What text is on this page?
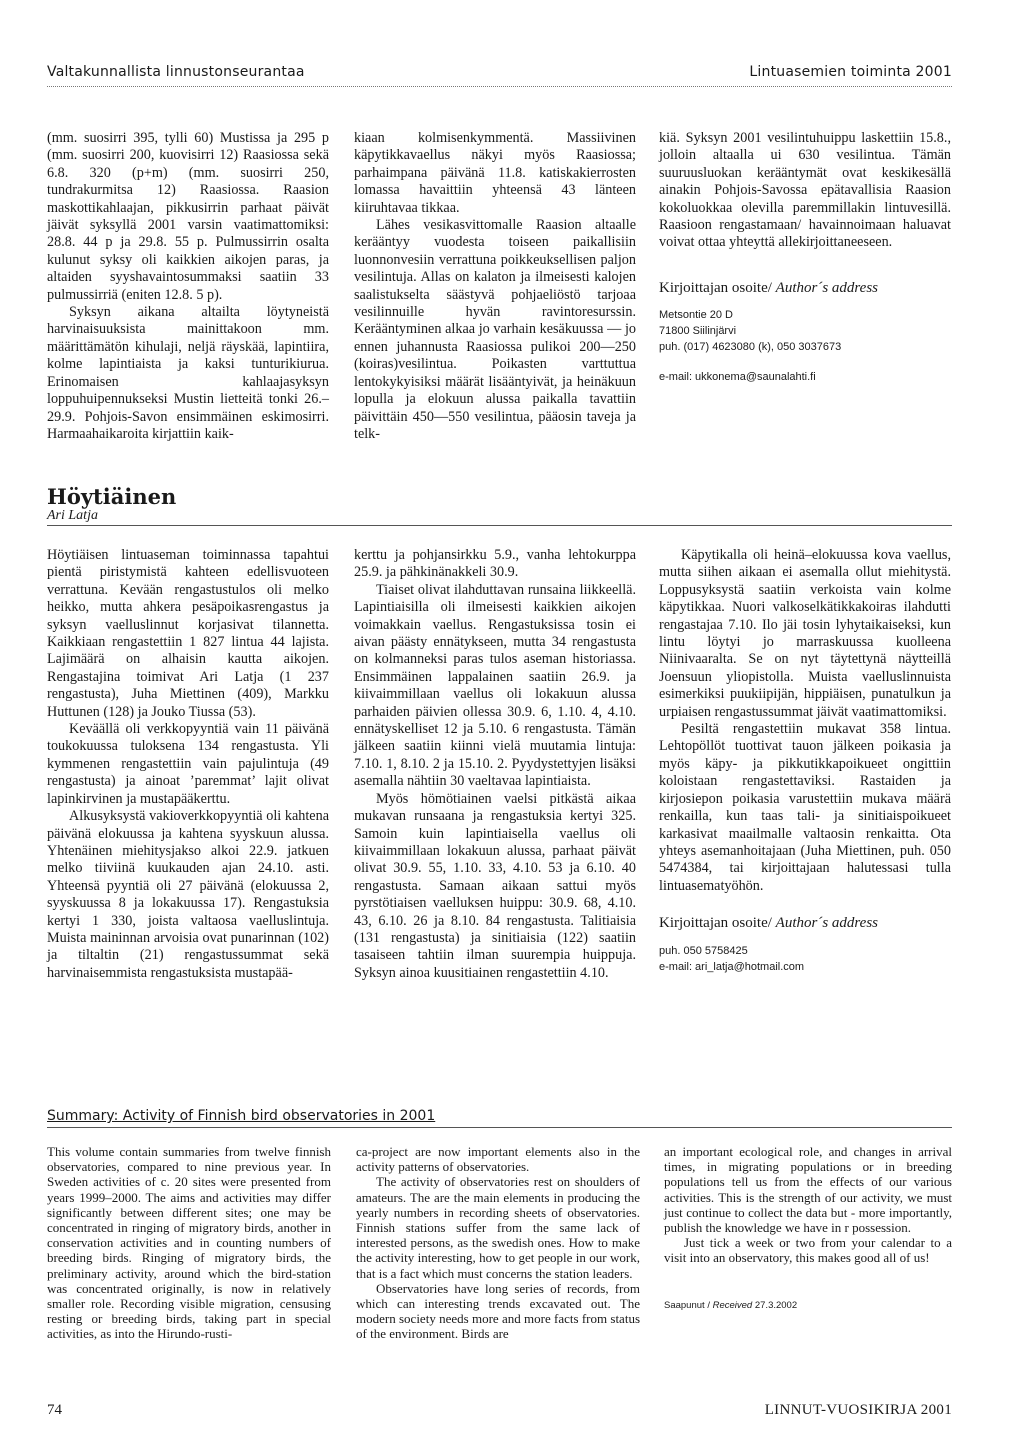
Valtakunnallista linnustonseurantaa	Lintuasemien toiminta 2001

(mm. suosirri 395, tylli 60) Mustissa ja 295 p (mm. suosirri 200, kuovisirri 12) Raasiossa sekä 6.8. 320 (p+m) (mm. suosirri 250, tundrakurmitsa 12) Raasiossa. Raasion maskottikahlaajan, pikkusirrin parhaat päivät jäivät syksyllä 2001 varsin vaatimattomiksi: 28.8. 44 p ja 29.8. 55 p. Pulmussirrin osalta kulunut syksy oli kaikkien aikojen paras, ja altaiden syyshavaintosummaksi saatiin 33 pulmussirriä (eniten 12.8. 5 p).

Syksyn aikana altailta löytyneistä harvinaisuuksista mainittakoon mm. määrittämätön kihulaji, neljä räyskää, lapintiira, kolme lapintiaista ja kaksi tunturikiurua. Erinomaisen kahlaajasyksyn loppuhuipennukseksi Mustin lietteitä tonki 26.–29.9. Pohjois-Savon ensimmäinen eskimosirri. Harmaahaikaroita kirjattiin kaik-

kiaan kolmisenkymmentä. Massiivinen käpytikkavaellus näkyi myös Raasiossa; parhaimpana päivänä 11.8. katiskakierrosten lomassa havaittiin yhteensä 43 länteen kiiruhtavaa tikkaa.

Lähes vesikasvittomalle Raasion altaalle kerääntyy vuodesta toiseen paikallisiin luonnonvesiin verrattuna poikkeuksellisen paljon vesilintuja. Allas on kalaton ja ilmeisesti kalojen saalistukselta säästyvä pohjaeliöstö tarjoaa vesilinnuille hyvän ravintoresurssin. Kerääntyminen alkaa jo varhain kesäkuussa — jo ennen juhannusta Raasiossa pulikoi 200—250 (koiras)vesilintua. Poikasten varttuttua lentokykyisiksi määrät lisääntyivät, ja heinäkuun lopulla ja elokuun alussa paikalla tavattiin päivittäin 450—550 vesilintua, pääosin taveja ja telk-

kiä. Syksyn 2001 vesilintuhuippu laskettiin 15.8., jolloin altaalla ui 630 vesilintua. Tämän suuruusluokan kerääntymät ovat keskikesällä ainakin Pohjois-Savossa epätavallisia Raasion kokoluokkaa olevilla paremmillakin lintuvesillä. Raasioon rengastamaan/ havainnoimaan haluavat voivat ottaa yhteyttä allekirjoittaneeseen.

Kirjoittajan osoite/ Author´s address
Metsontie 20 D
71800 Siilinjärvi
puh. (017) 4623080 (k), 050 3037673
e-mail: ukkonema@saunalahti.fi
Höytiäinen
Ari Latja

Höytiäisen lintuaseman toiminnassa tapahtui pientä piristymistä kahteen edellisvuoteen verrattuna. Kevään rengastustulos oli melko heikko, mutta ahkera pesäpoikasrengastus ja syksyn vaelluslinnut korjasivat tilannetta. Kaikkiaan rengastettiin 1 827 lintua 44 lajista. Lajimäärä on alhaisin kautta aikojen. Rengastajina toimivat Ari Latja (1 237 rengastusta), Juha Miettinen (409), Markku Huttunen (128) ja Jouko Tiussa (53).

Keväällä oli verkkopyyntiä vain 11 päivänä toukokuussa tuloksena 134 rengastusta. Yli kymmenen rengastettiin vain pajulintuja (49 rengastusta) ja ainoat ’paremmat’ lajit olivat lapinkirvinen ja mustapääkerttu.

Alkusyksystä vakioverkkopyyntiä oli kahtena päivänä elokuussa ja kahtena syyskuun alussa. Yhtenäinen miehitysjakso alkoi 22.9. jatkuen melko tiiviinä kuukauden ajan 24.10. asti. Yhteensä pyyntiä oli 27 päivänä (elokuussa 2, syyskuussa 8 ja lokakuussa 17). Rengastuksia kertyi 1 330, joista valtaosa vaelluslintuja. Muista maininnan arvoisia ovat punarinnan (102) ja tiltaltin (21) rengastussummat sekä harvinaisemmista rengastuksista mustapää-

kerttu ja pohjansirkku 5.9., vanha lehtokurppa 25.9. ja pähkinänakkeli 30.9.

Tiaiset olivat ilahduttavan runsaina liikkeellä. Lapintiaisilla oli ilmeisesti kaikkien aikojen voimakkain vaellus. Rengastuksissa tosin ei aivan päästy ennätykseen, mutta 34 rengastusta on kolmanneksi paras tulos aseman historiassa. Ensimmäinen lappalainen saatiin 26.9. ja kiivaimmillaan vaellus oli lokakuun alussa parhaiden päivien ollessa 30.9. 6, 1.10. 4, 4.10. ennätyskelliset 12 ja 5.10. 6 rengastusta. Tämän jälkeen saatiin kiinni vielä muutamia lintuja: 7.10. 1, 8.10. 2 ja 15.10. 2. Pyydystettyjen lisäksi asemalla nähtiin 30 vaeltavaa lapintiaista.

Myös hömötiainen vaelsi pitkästä aikaa mukavan runsaana ja rengastuksia kertyi 325. Samoin kuin lapintiaisella vaellus oli kiivaimmillaan lokakuun alussa, parhaat päivät olivat 30.9. 55, 1.10. 33, 4.10. 53 ja 6.10. 40 rengastusta. Samaan aikaan sattui myös pyrstötiaisen vaelluksen huippu: 30.9. 68, 4.10. 43, 6.10. 26 ja 8.10. 84 rengastusta. Talitiaisia (131 rengastusta) ja sinitiaisia (122) saatiin tasaiseen tahtiin ilman suurempia huippuja. Syksyn ainoa kuusitiainen rengastettiin 4.10.

Käpytikalla oli heinä–elokuussa kova vaellus, mutta siihen aikaan ei asemalla ollut miehitystä. Loppusyksystä saatiin verkoista vain kolme käpytikkaa. Nuori valkoselkätikkakoiras ilahdutti rengastajaa 7.10. Ilo jäi tosin lyhytaikaiseksi, kun lintu löytyi jo marraskuussa kuolleena Niinivaaralta. Se on nyt täytettynä näytteillä Joensuun yliopistolla. Muista vaelluslinnuista esimerkiksi puukiipijän, hippiäisen, punatulkun ja urpiaisen rengastussummat jäivät vaatimattomiksi.

Pesiltä rengastettiin mukavat 358 lintua. Lehtopöllöt tuottivat tauon jälkeen poikasia ja myös käpy- ja pikkutikkapoikueet ongittiin koloistaan rengastettaviksi. Rastaiden ja kirjosiepon poikasia varustettiin mukava määrä renkailla, kun taas tali- ja sinitiaispoikueet karkasivat maailmalle valtaosin renkaitta. Ota yhteys asemanhoitajaan (Juha Miettinen, puh. 050 5474384, tai kirjoittajaan halutessasi tulla lintuasematyöhön.

Kirjoittajan osoite/ Author´s address
puh. 050 5758425
e-mail: ari_latja@hotmail.com
Summary: Activity of Finnish bird observatories in 2001

This volume contain summaries from twelve finnish observatories, compared to nine previous year. In Sweden activities of c. 20 sites were presented from years 1999–2000. The aims and activities may differ significantly between different sites; one may be concentrated in ringing of migratory birds, another in conservation activities and in counting numbers of breeding birds. Ringing of migratory birds, the preliminary activity, around which the bird-station was concentrated originally, is now in relatively smaller role. Recording visible migration, censusing resting or breeding birds, taking part in special activities, as into the Hirundo-rusti-

ca-project are now important elements also in the activity patterns of observatories.

The activity of observatories rest on shoulders of amateurs. The are the main elements in producing the yearly numbers in recording sheets of observatories. Finnish stations suffer from the same lack of interested persons, as the swedish ones. How to make the activity interesting, how to get people in our work, that is a fact which must concerns the station leaders.

Observatories have long series of records, from which can interesting trends excavated out. The modern society needs more and more facts from status of the environment. Birds are

an important ecological role, and changes in arrival times, in migrating populations or in breeding populations tell us from the effects of our various activities. This is the strength of our activity, we must just continue to collect the data but - more importantly, publish the knowledge we have in r possession.

Just tick a week or two from your calendar to a visit into an observatory, this makes good all of us!

Saapunut / Received 27.3.2002
74	LINNUT-VUOSIKIRJA 2001
